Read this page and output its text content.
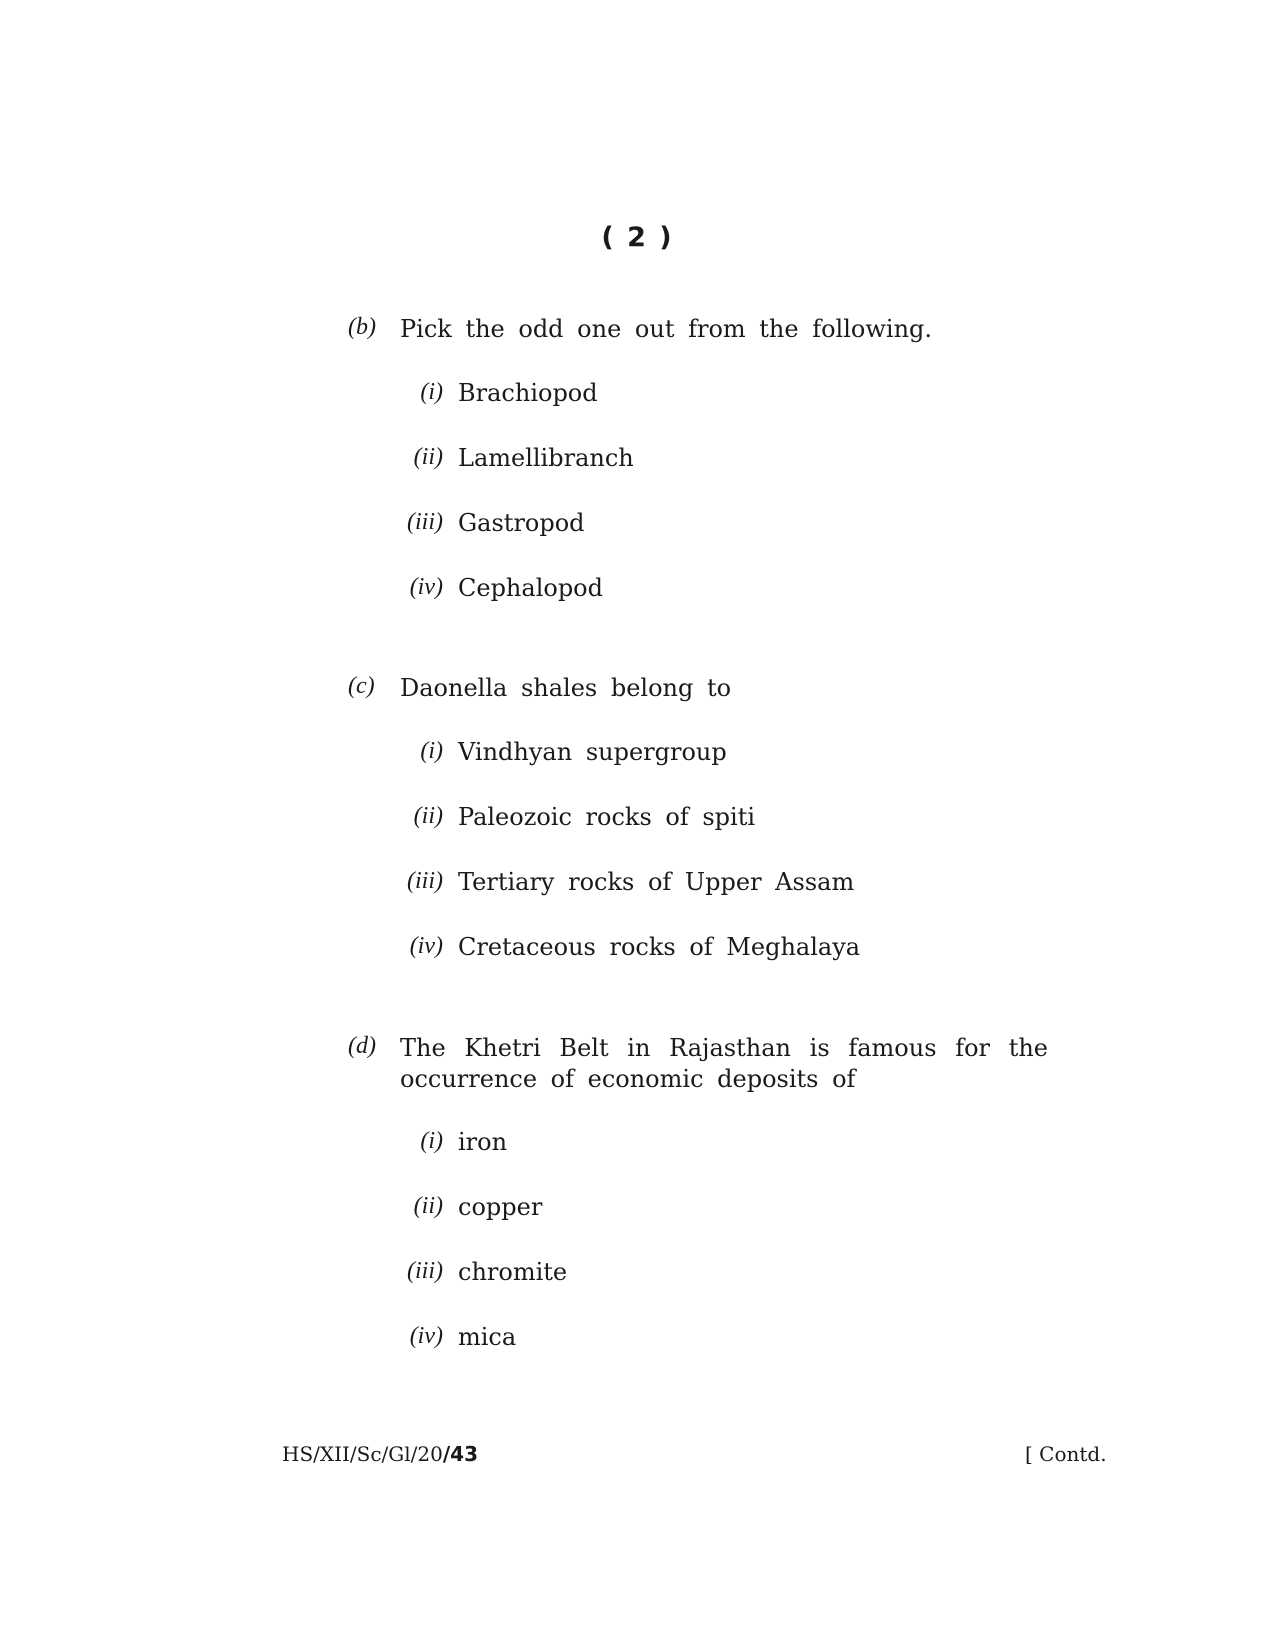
( 2 )
(b) Pick the odd one out from the following.
(i) Brachiopod
(ii) Lamellibranch
(iii) Gastropod
(iv) Cephalopod
(c) Daonella shales belong to
(i) Vindhyan supergroup
(ii) Paleozoic rocks of spiti
(iii) Tertiary rocks of Upper Assam
(iv) Cretaceous rocks of Meghalaya
(d) The Khetri Belt in Rajasthan is famous for the occurrence of economic deposits of
(i) iron
(ii) copper
(iii) chromite
(iv) mica
HS/XII/Sc/Gl/20/43	[ Contd.
